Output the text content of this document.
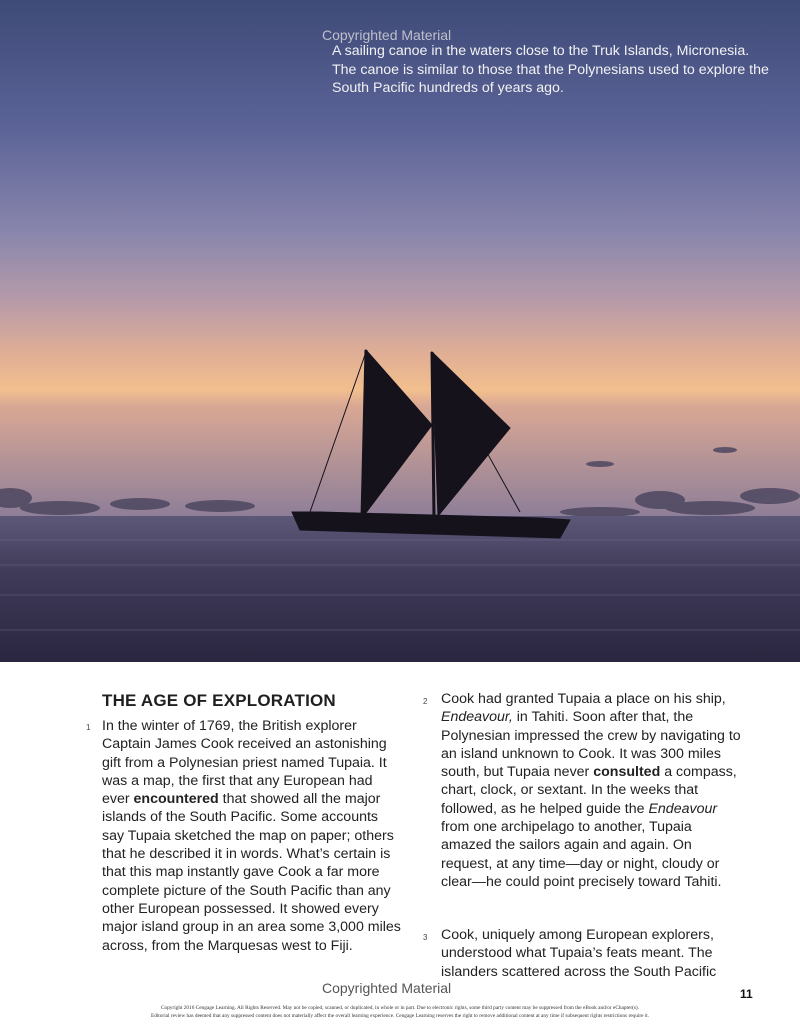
Copyrighted Material
A sailing canoe in the waters close to the Truk Islands, Micronesia. The canoe is similar to those that the Polynesians used to explore the South Pacific hundreds of years ago.
THE AGE OF EXPLORATION
1 In the winter of 1769, the British explorer Captain James Cook received an astonishing gift from a Polynesian priest named Tupaia. It was a map, the first that any European had ever encountered that showed all the major islands of the South Pacific. Some accounts say Tupaia sketched the map on paper; others that he described it in words. What’s certain is that this map instantly gave Cook a far more complete picture of the South Pacific than any other European possessed. It showed every major island group in an area some 3,000 miles across, from the Marquesas west to Fiji.
2 Cook had granted Tupaia a place on his ship, Endeavour, in Tahiti. Soon after that, the Polynesian impressed the crew by navigating to an island unknown to Cook. It was 300 miles south, but Tupaia never consulted a compass, chart, clock, or sextant. In the weeks that followed, as he helped guide the Endeavour from one archipelago to another, Tupaia amazed the sailors again and again. On request, at any time—day or night, cloudy or clear—he could point precisely toward Tahiti.
3 Cook, uniquely among European explorers, understood what Tupaia’s feats meant. The islanders scattered across the South Pacific
Copyrighted Material	11
Copyright 2016 Cengage Learning. All Rights Reserved. May not be copied, scanned, or duplicated, in whole or in part. Due to electronic rights, some third party content may be suppressed from the eBook and/or eChapter(s).
Editorial review has deemed that any suppressed content does not materially affect the overall learning experience. Cengage Learning reserves the right to remove additional content at any time if subsequent rights restrictions require it.
